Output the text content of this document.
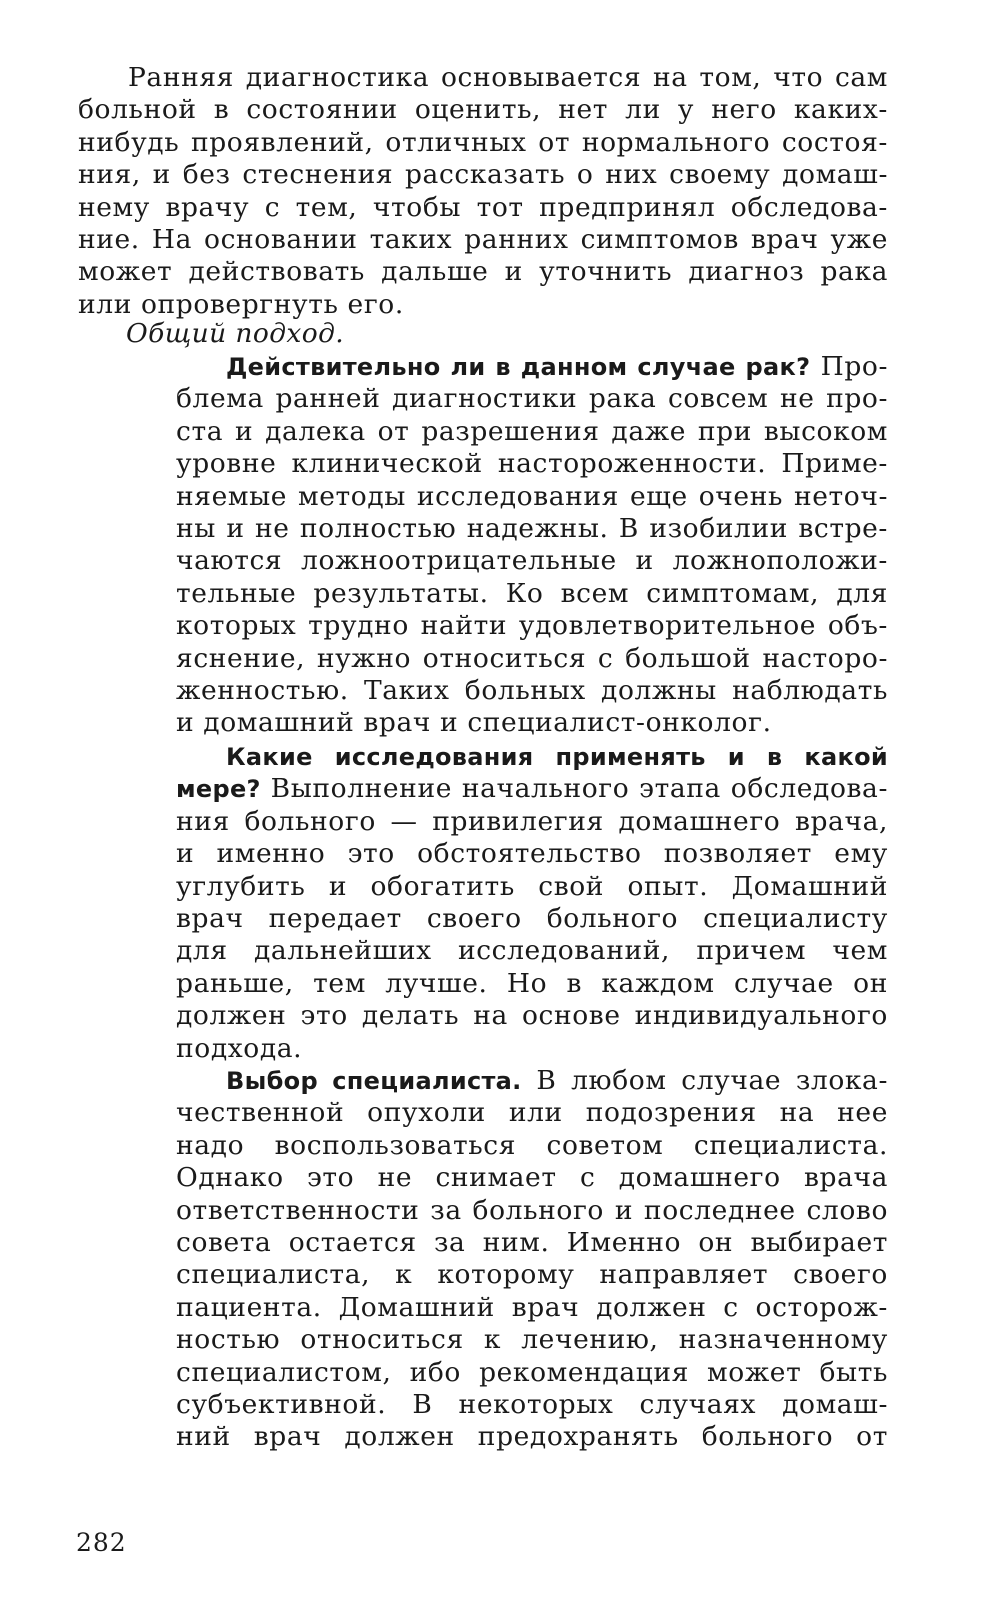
Ранняя диагностика основывается на том, что сам
больной в состоянии оценить, нет ли у него каких-
нибудь проявлений, отличных от нормального состоя-
ния, и без стеснения рассказать о них своему домаш-
нему врачу с тем, чтобы тот предпринял обследова-
ние. На основании таких ранних симптомов врач уже
может действовать дальше и уточнить диагноз рака
или опровергнуть его.

Общий подход.

Действительно ли в данном случае рак? Про-
блема ранней диагностики рака совсем не про-
ста и далека от разрешения даже при высоком
уровне клинической настороженности. Приме-
няемые методы исследования еще очень неточ-
ны и не полностью надежны. В изобилии встре-
чаются ложноотрицательные и ложноположи-
тельные результаты. Ко всем симптомам, для
которых трудно найти удовлетворительное объ-
яснение, нужно относиться с большой насторо-
женностью. Таких больных должны наблюдать
и домашний врач и специалист-онколог.
Какие исследования применять и в какой
мере? Выполнение начального этапа обследова-
ния больного — привилегия домашнего врача,
и именно это обстоятельство позволяет ему
углубить и обогатить свой опыт. Домашний
врач передает своего больного специалисту
для дальнейших исследований, причем чем
раньше, тем лучше. Но в каждом случае он
должен это делать на основе индивидуального
подхода.
Выбор специалиста. В любом случае злока-
чественной опухоли или подозрения на нее
надо воспользоваться советом специалиста.
Однако это не снимает с домашнего врача
ответственности за больного и последнее слово
совета остается за ним. Именно он выбирает
специалиста, к которому направляет своего
пациента. Домашний врач должен с осторож-
ностью относиться к лечению, назначенному
специалистом, ибо рекомендация может быть
субъективной. В некоторых случаях домаш-
ний врач должен предохранять больного от

282
